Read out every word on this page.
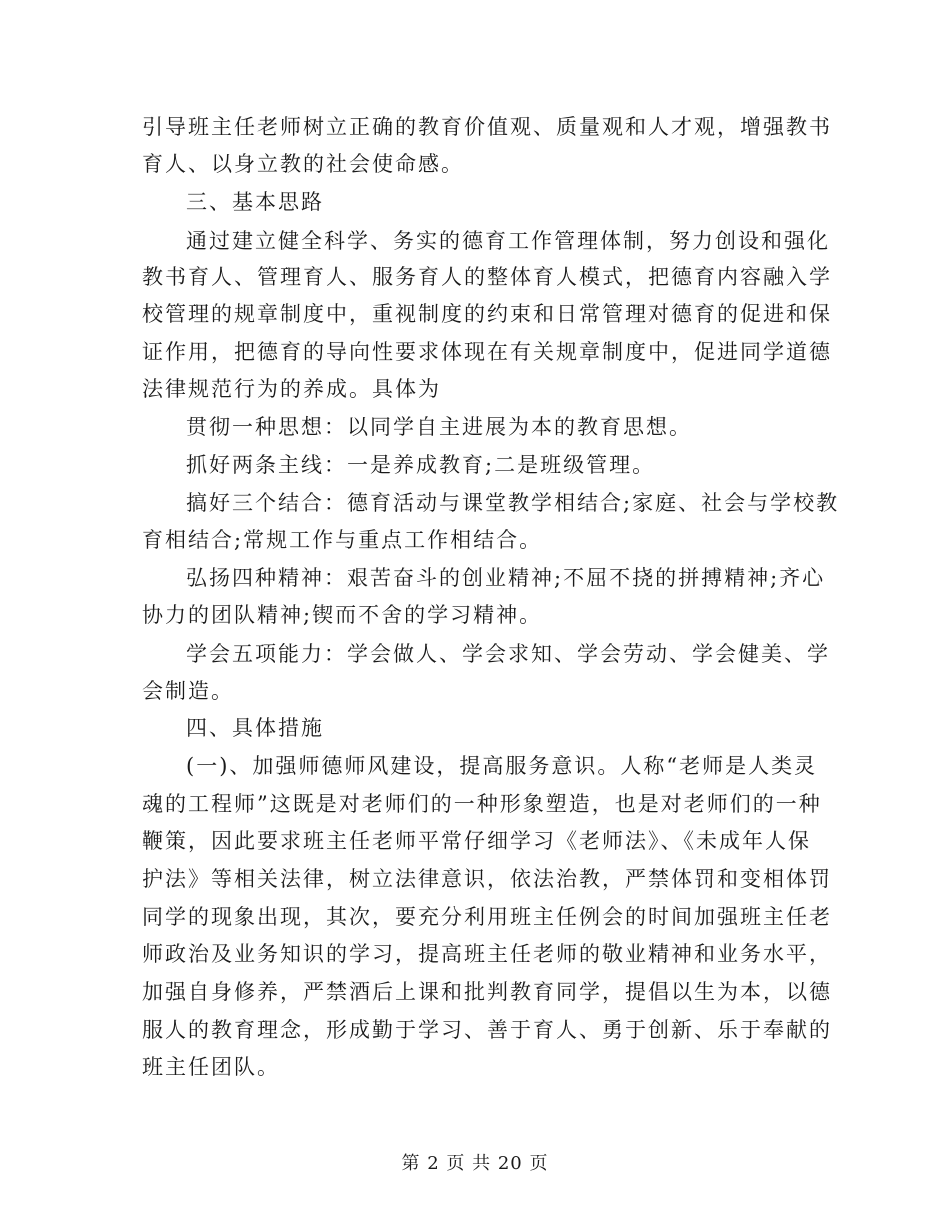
引导班主任老师树立正确的教育价值观、质量观和人才观，增强教书
育人、以身立教的社会使命感。
三、基本思路
通过建立健全科学、务实的德育工作管理体制，努力创设和强化
教书育人、管理育人、服务育人的整体育人模式，把德育内容融入学
校管理的规章制度中，重视制度的约束和日常管理对德育的促进和保
证作用，把德育的导向性要求体现在有关规章制度中，促进同学道德
法律规范行为的养成。具体为
贯彻一种思想：以同学自主进展为本的教育思想。
抓好两条主线：一是养成教育;二是班级管理。
搞好三个结合：德育活动与课堂教学相结合;家庭、社会与学校教
育相结合;常规工作与重点工作相结合。
弘扬四种精神：艰苦奋斗的创业精神;不屈不挠的拼搏精神;齐心
协力的团队精神;锲而不舍的学习精神。
学会五项能力：学会做人、学会求知、学会劳动、学会健美、学
会制造。
四、具体措施
(一)、加强师德师风建设，提高服务意识。人称“老师是人类灵
魂的工程师”这既是对老师们的一种形象塑造，也是对老师们的一种
鞭策，因此要求班主任老师平常仔细学习《老师法》、《未成年人保
护法》等相关法律，树立法律意识，依法治教，严禁体罚和变相体罚
同学的现象出现，其次，要充分利用班主任例会的时间加强班主任老
师政治及业务知识的学习，提高班主任老师的敬业精神和业务水平，
加强自身修养，严禁酒后上课和批判教育同学，提倡以生为本，以德
服人的教育理念，形成勤于学习、善于育人、勇于创新、乐于奉献的
班主任团队。
第 2 页 共 20 页
